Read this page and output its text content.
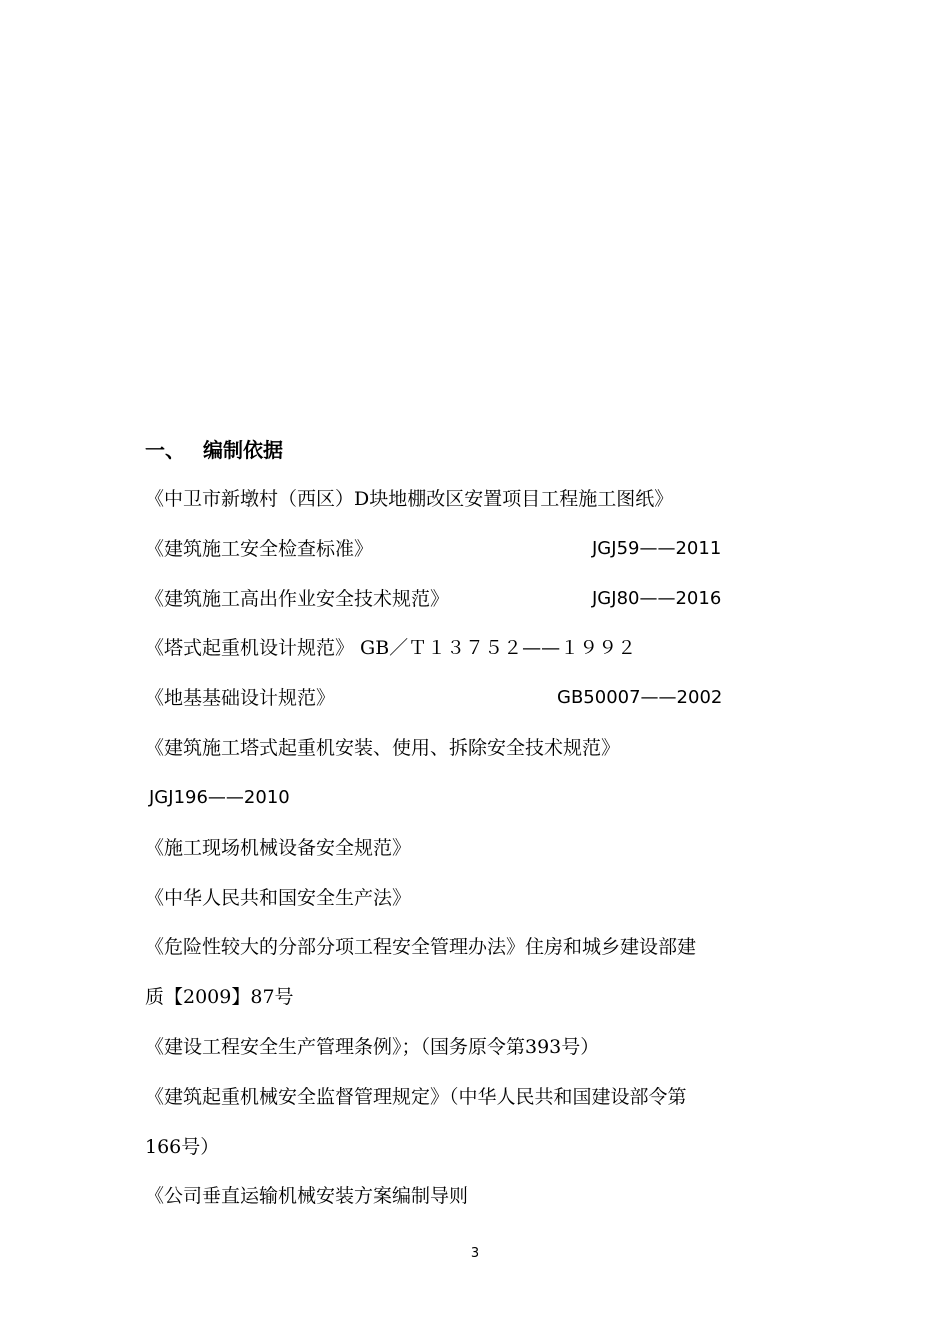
一、 编制依据
《中卫市新墩村（西区）D块地棚改区安置项目工程施工图纸》
《建筑施工安全检查标准》	JGJ59——2011
《建筑施工高出作业安全技术规范》	JGJ80——2016
《塔式起重机设计规范》 GB／Ｔ１３７５２——１９９２
《地基基础设计规范》	GB50007——2002
《建筑施工塔式起重机安装、使用、拆除安全技术规范》
JGJ196——2010
《施工现场机械设备安全规范》
《中华人民共和国安全生产法》
《危险性较大的分部分项工程安全管理办法》住房和城乡建设部建
质【2009】87号
《建设工程安全生产管理条例》；（国务原令第393号）
《建筑起重机械安全监督管理规定》（中华人民共和国建设部令第
166号）
《公司垂直运输机械安装方案编制导则
3
